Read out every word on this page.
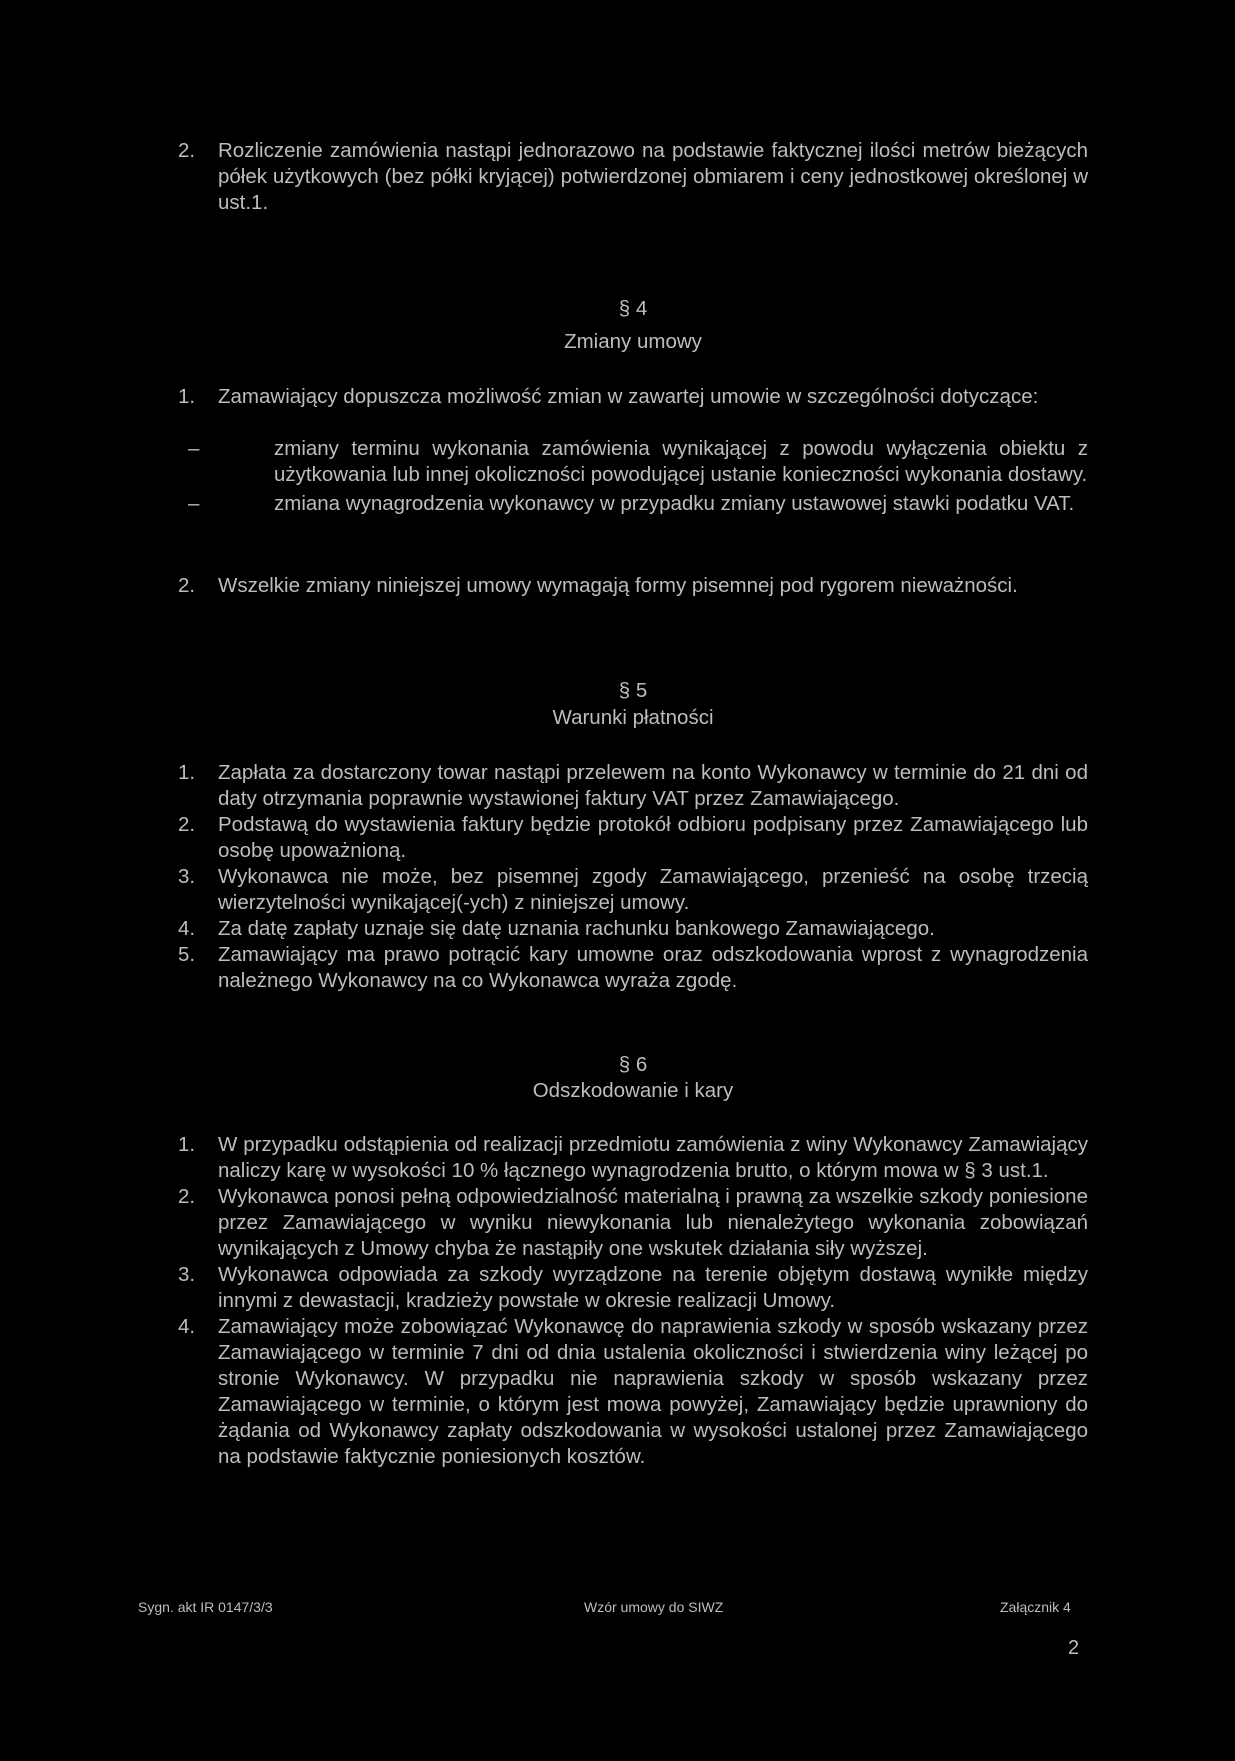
2. Rozliczenie zamówienia nastąpi jednorazowo na podstawie faktycznej ilości metrów bieżących półek użytkowych (bez półki kryjącej) potwierdzonej obmiarem i ceny jednostkowej określonej w ust.1.

§ 4
Zmiany umowy

1. Zamawiający dopuszcza możliwość zmian w zawartej umowie w szczególności dotyczące:

–	zmiany terminu wykonania zamówienia wynikającej z powodu wyłączenia obiektu z użytkowania lub innej okoliczności powodującej ustanie konieczności wykonania dostawy.

–	zmiana wynagrodzenia wykonawcy w przypadku zmiany ustawowej stawki podatku VAT.

2. Wszelkie zmiany niniejszej umowy wymagają formy pisemnej pod rygorem nieważności.

§ 5
Warunki płatności

1. Zapłata za dostarczony towar nastąpi przelewem na konto Wykonawcy w terminie do 21 dni od daty otrzymania poprawnie wystawionej faktury VAT przez Zamawiającego.

2. Podstawą do wystawienia faktury będzie protokół odbioru podpisany przez Zamawiającego lub osobę upoważnioną.

3. Wykonawca nie może, bez pisemnej zgody Zamawiającego, przenieść na osobę trzecią wierzytelności wynikającej(-ych) z niniejszej umowy.

4. Za datę zapłaty uznaje się datę uznania rachunku bankowego Zamawiającego.

5. Zamawiający ma prawo potrącić kary umowne oraz odszkodowania wprost z wynagrodzenia należnego Wykonawcy na co Wykonawca wyraża zgodę.

§ 6
Odszkodowanie i kary

1. W przypadku odstąpienia od realizacji przedmiotu zamówienia z winy Wykonawcy Zamawiający naliczy karę w wysokości 10 % łącznego wynagrodzenia brutto, o którym mowa w § 3 ust.1.

2. Wykonawca ponosi pełną odpowiedzialność materialną i prawną za wszelkie szkody poniesione przez Zamawiającego w wyniku niewykonania lub nienależytego wykonania zobowiązań wynikających z Umowy chyba że nastąpiły one wskutek działania siły wyższej.

3. Wykonawca odpowiada za szkody wyrządzone na terenie objętym dostawą wynikłe między innymi z dewastacji, kradzieży powstałe w okresie realizacji Umowy.

4. Zamawiający może zobowiązać Wykonawcę do naprawienia szkody w sposób wskazany przez Zamawiającego w terminie 7 dni od dnia ustalenia okoliczności i stwierdzenia winy leżącej po stronie Wykonawcy. W przypadku nie naprawienia szkody w sposób wskazany przez Zamawiającego w terminie, o którym jest mowa powyżej, Zamawiający będzie uprawniony do żądania od Wykonawcy zapłaty odszkodowania w wysokości ustalonej przez Zamawiającego na podstawie faktycznie poniesionych kosztów.

Sygn. akt IR 0147/3/3	Wzór umowy do SIWZ	Załącznik 4
2
